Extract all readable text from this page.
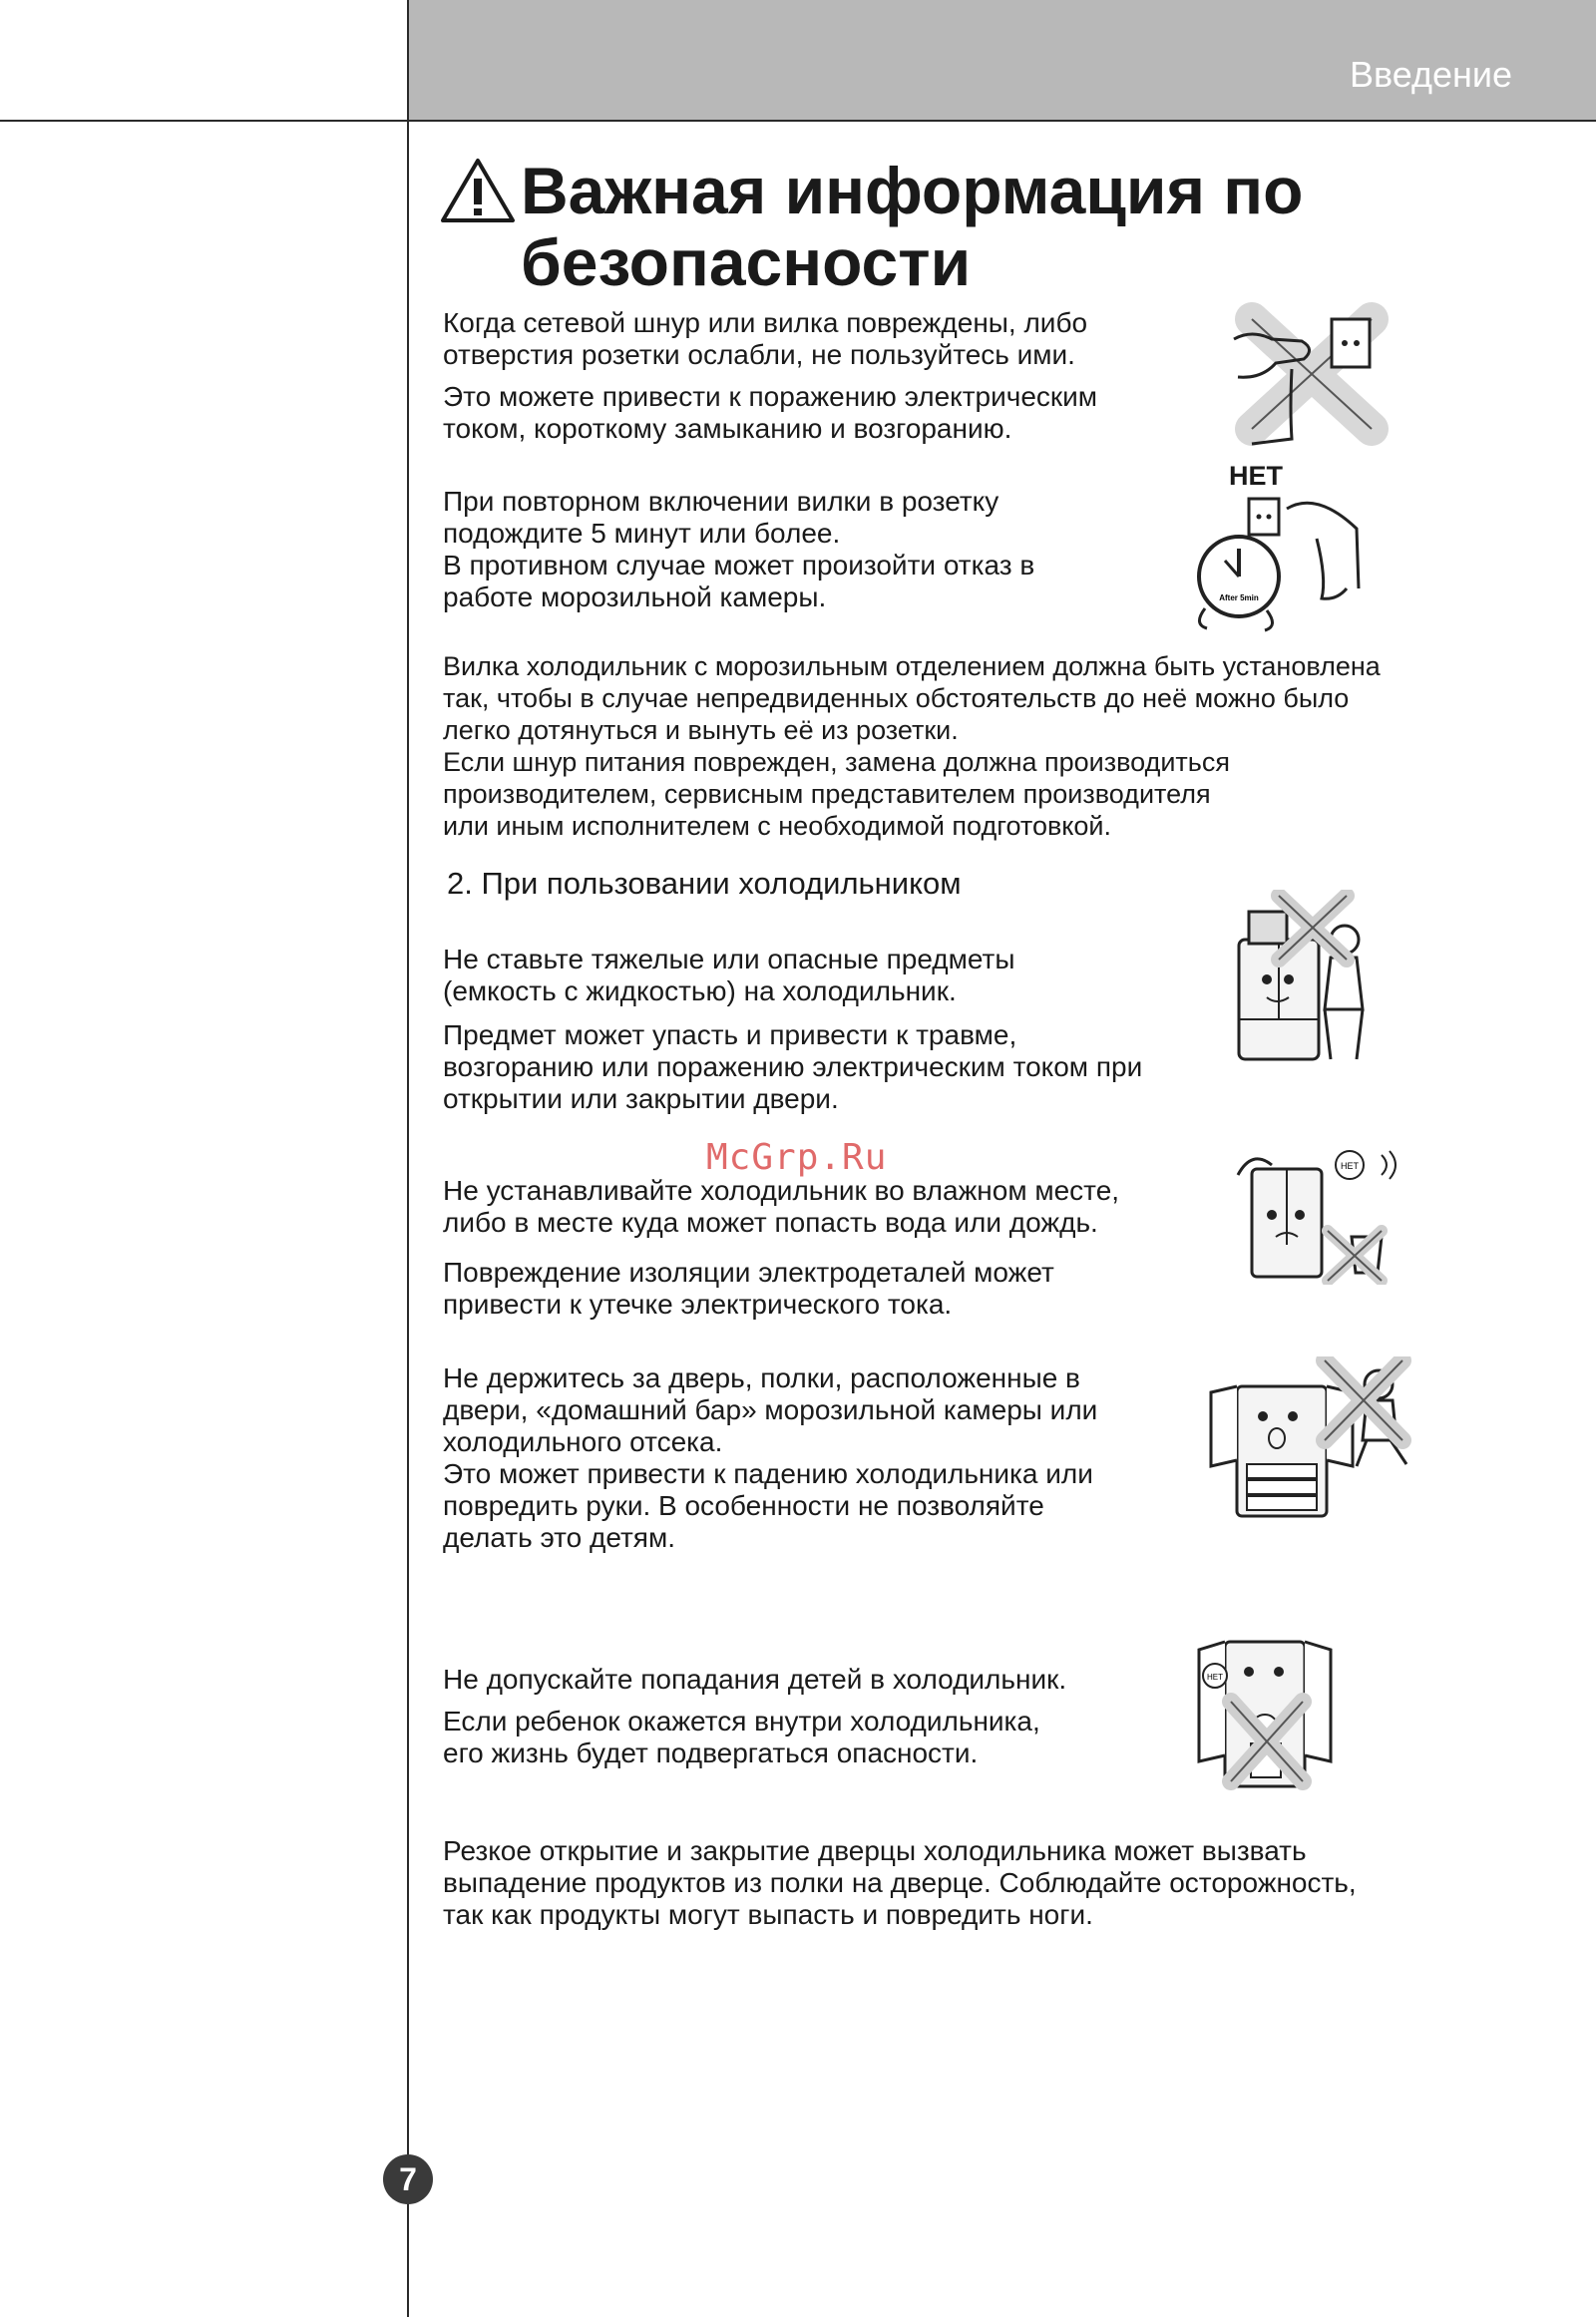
Введение
Важная информация по безопасности

Когда сетевой шнур или вилка повреждены, либо
отверстия розетки ослабли, не пользуйтесь ими.

Это можете привести к поражению электрическим
током, короткому замыканию и возгоранию.

При повторном включении вилки в розетку
подождите 5 минут или более.
В противном случае может произойти отказ в
работе морозильной камеры.

Вилка холодильник с морозильным отделением должна быть установлена
так, чтобы в случае непредвиденных обстоятельств до неё можно было
легко дотянуться и вынуть её из розетки.
Если шнур питания поврежден, замена должна производиться
производителем, сервисным представителем производителя
или иным исполнителем с необходимой подготовкой.

2. При пользовании холодильником

Не ставьте тяжелые или опасные предметы
(емкость с жидкостью) на холодильник.

Предмет может упасть и привести к травме,
возгоранию или поражению электрическим током при
открытии или закрытии двери.

Не устанавливайте холодильник во влажном месте,
либо в месте куда может попасть вода или дождь.

Повреждение изоляции электродеталей может
привести к утечке электрического тока.

Не держитесь за дверь, полки, расположенные в
двери, «домашний бар» морозильной камеры или
холодильного отсека.
Это может привести к падению холодильника или
повредить руки. В особенности не позволяйте
делать это детям.

Не допускайте попадания детей в холодильник.

Если ребенок окажется внутри холодильника,
его жизнь будет подвергаться опасности.

Резкое открытие и закрытие дверцы холодильника может вызвать
выпадение продуктов из полки на дверце. Соблюдайте осторожность,
так как продукты могут выпасть и повредить ноги.

НЕТ
After 5min
НЕТ
НЕТ
McGrp.Ru
7
